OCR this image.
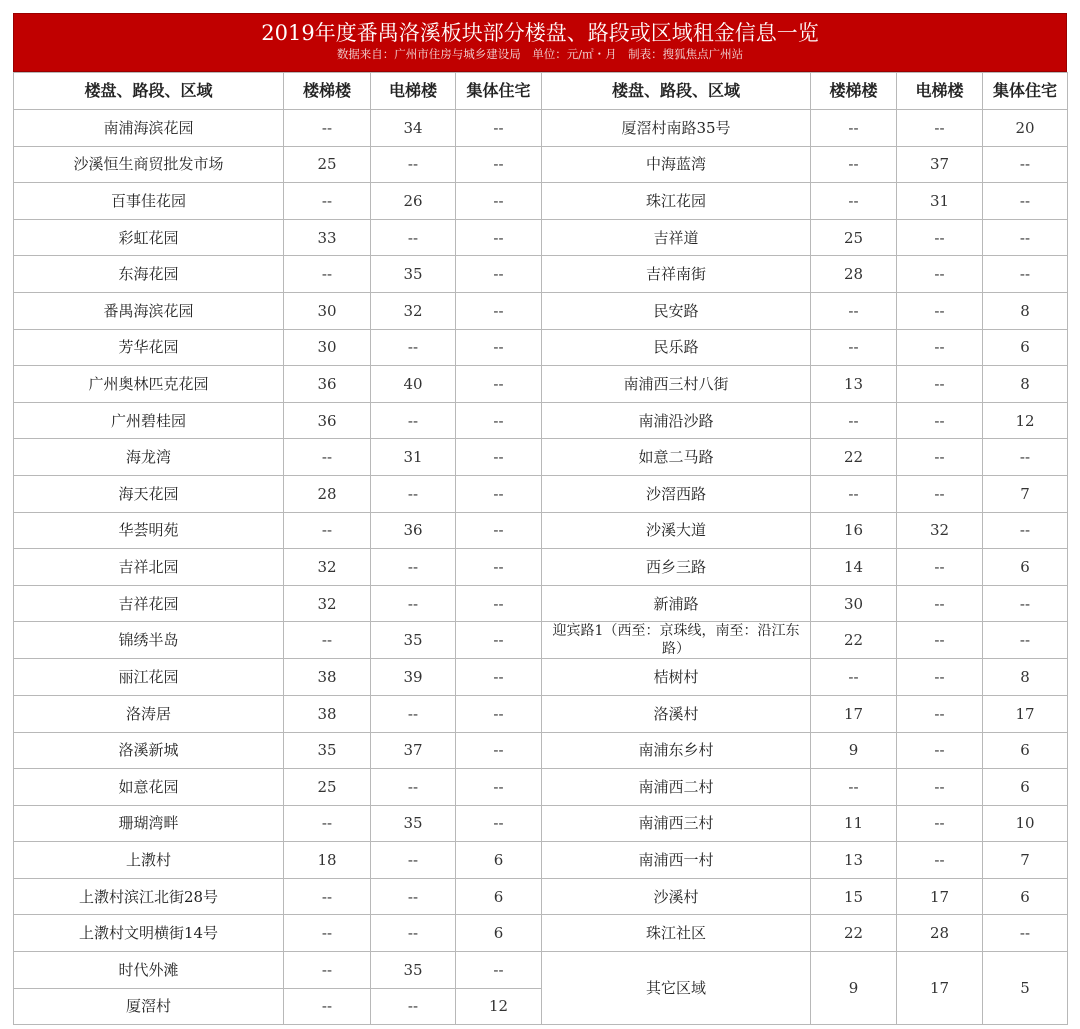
2019年度番禺洛溪板块部分楼盘、路段或区域租金信息一览
数据来自：广州市住房与城乡建设局　单位：元/㎡・月　制表：搜狐焦点广州站
楼盘、路段、区域	楼梯楼	电梯楼	集体住宅	楼盘、路段、区域	楼梯楼	电梯楼	集体住宅
南浦海滨花园	--	34	--	厦滘村南路35号	--	--	20
沙溪恒生商贸批发市场	25	--	--	中海蓝湾	--	37	--
百事佳花园	--	26	--	珠江花园	--	31	--
彩虹花园	33	--	--	吉祥道	25	--	--
东海花园	--	35	--	吉祥南街	28	--	--
番禺海滨花园	30	32	--	民安路	--	--	8
芳华花园	30	--	--	民乐路	--	--	6
广州奥林匹克花园	36	40	--	南浦西三村八街	13	--	8
广州碧桂园	36	--	--	南浦沿沙路	--	--	12
海龙湾	--	31	--	如意二马路	22	--	--
海天花园	28	--	--	沙滘西路	--	--	7
华荟明苑	--	36	--	沙溪大道	16	32	--
吉祥北园	32	--	--	西乡三路	14	--	6
吉祥花园	32	--	--	新浦路	30	--	--
锦绣半岛	--	35	--	迎宾路1（西至：京珠线，南至：沿江东路）	22	--	--
丽江花园	38	39	--	桔树村	--	--	8
洛涛居	38	--	--	洛溪村	17	--	17
洛溪新城	35	37	--	南浦东乡村	9	--	6
如意花园	25	--	--	南浦西二村	--	--	6
珊瑚湾畔	--	35	--	南浦西三村	11	--	10
上漖村	18	--	6	南浦西一村	13	--	7
上漖村滨江北街28号	--	--	6	沙溪村	15	17	6
上漖村文明横街14号	--	--	6	珠江社区	22	28	--
时代外滩	--	35	--	其它区域	9	17	5
厦滘村	--	--	12				
